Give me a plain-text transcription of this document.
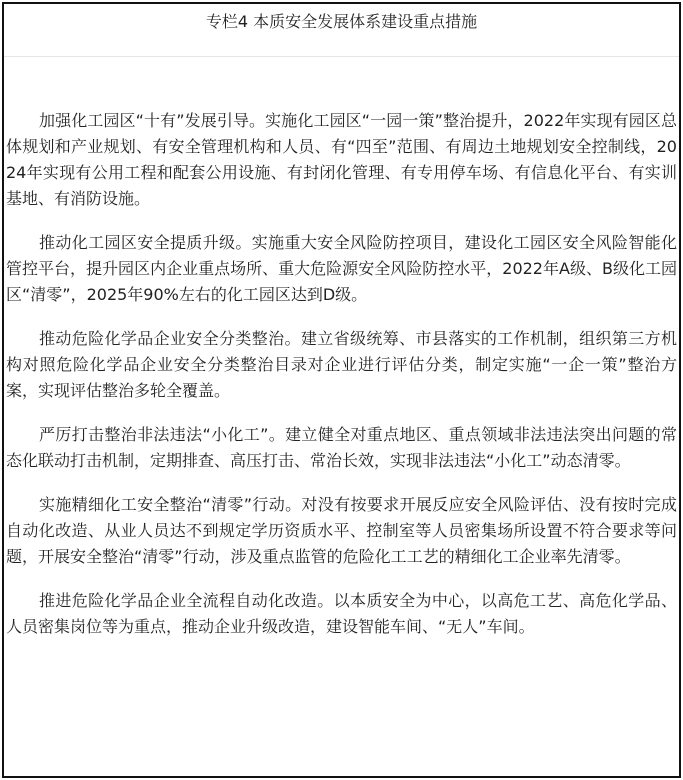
专栏4 本质安全发展体系建设重点措施

加强化工园区“十有”发展引导。实施化工园区“一园一策”整治提升，2022年实现有园区总体规划和产业规划、有安全管理机构和人员、有“四至”范围、有周边土地规划安全控制线，2024年实现有公用工程和配套公用设施、有封闭化管理、有专用停车场、有信息化平台、有实训基地、有消防设施。

推动化工园区安全提质升级。实施重大安全风险防控项目，建设化工园区安全风险智能化管控平台，提升园区内企业重点场所、重大危险源安全风险防控水平，2022年A级、B级化工园区“清零”，2025年90%左右的化工园区达到D级。

推动危险化学品企业安全分类整治。建立省级统筹、市县落实的工作机制，组织第三方机构对照危险化学品企业安全分类整治目录对企业进行评估分类，制定实施“一企一策”整治方案，实现评估整治多轮全覆盖。

严厉打击整治非法违法“小化工”。建立健全对重点地区、重点领域非法违法突出问题的常态化联动打击机制，定期排查、高压打击、常治长效，实现非法违法“小化工”动态清零。

实施精细化工安全整治“清零”行动。对没有按要求开展反应安全风险评估、没有按时完成自动化改造、从业人员达不到规定学历资质水平、控制室等人员密集场所设置不符合要求等问题，开展安全整治“清零”行动，涉及重点监管的危险化工工艺的精细化工企业率先清零。

推进危险化学品企业全流程自动化改造。以本质安全为中心，以高危工艺、高危化学品、人员密集岗位等为重点，推动企业升级改造，建设智能车间、“无人”车间。
